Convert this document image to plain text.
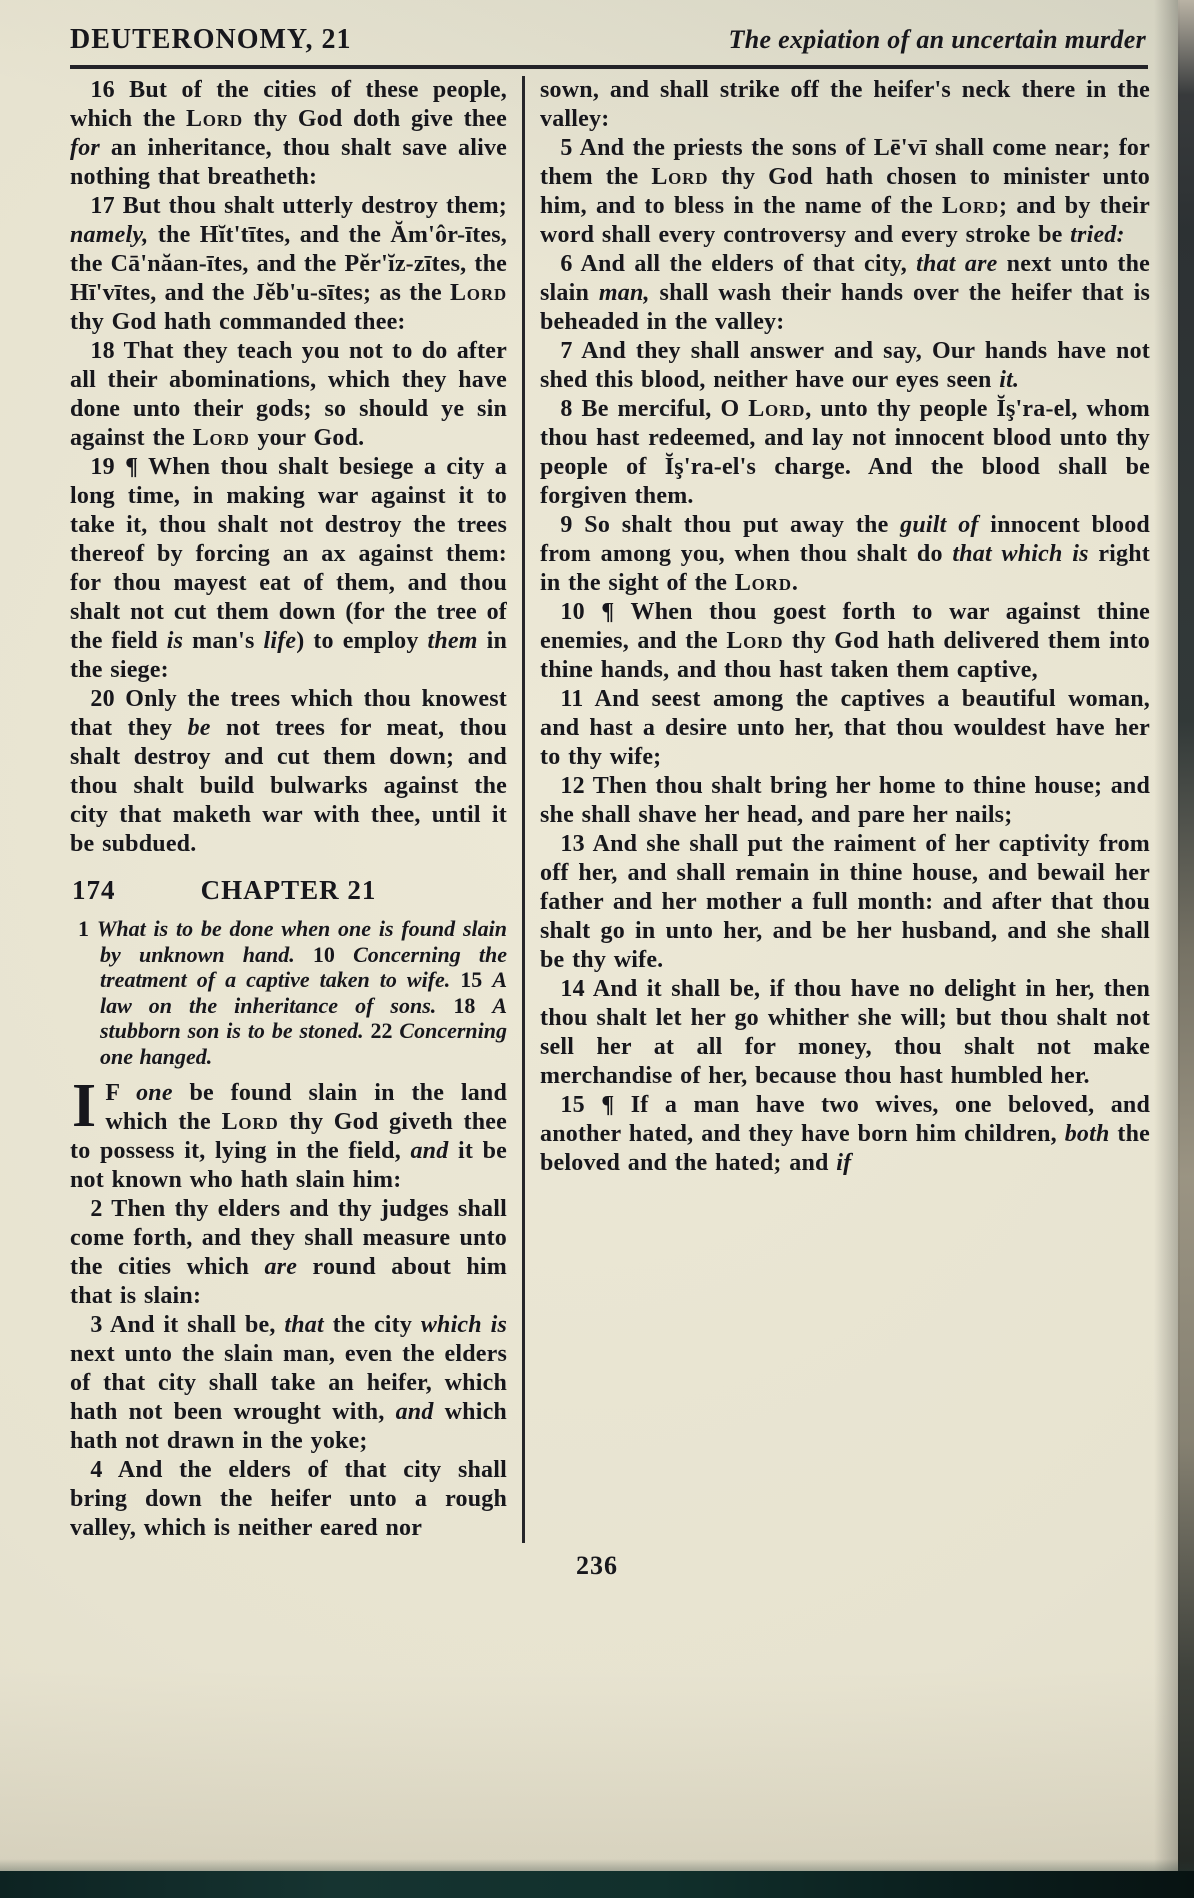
DEUTERONOMY, 21	The expiation of an uncertain murder

16 But of the cities of these people, which the Lord thy God doth give thee for an inheritance, thou shalt save alive nothing that breatheth:

17 But thou shalt utterly destroy them; namely, the Hĭt'tītes, and the Ăm'ôr-ītes, the Cā'năan-ītes, and the Pĕr'ĭz-zītes, the Hī'vītes, and the Jĕb'u-sītes; as the Lord thy God hath commanded thee:

18 That they teach you not to do after all their abominations, which they have done unto their gods; so should ye sin against the Lord your God.

19 ¶ When thou shalt besiege a city a long time, in making war against it to take it, thou shalt not destroy the trees thereof by forcing an ax against them: for thou mayest eat of them, and thou shalt not cut them down (for the tree of the field is man's life) to employ them in the siege:

20 Only the trees which thou knowest that they be not trees for meat, thou shalt destroy and cut them down; and thou shalt build bulwarks against the city that maketh war with thee, until it be subdued.

174	CHAPTER 21

1 What is to be done when one is found slain by unknown hand. 10 Concerning the treatment of a captive taken to wife. 15 A law on the inheritance of sons. 18 A stubborn son is to be stoned. 22 Concerning one hanged.

I F one be found slain in the land which the Lord thy God giveth thee to possess it, lying in the field, and it be not known who hath slain him:

2 Then thy elders and thy judges shall come forth, and they shall measure unto the cities which are round about him that is slain:

3 And it shall be, that the city which is next unto the slain man, even the elders of that city shall take an heifer, which hath not been wrought with, and which hath not drawn in the yoke;

4 And the elders of that city shall bring down the heifer unto a rough valley, which is neither eared nor

sown, and shall strike off the heifer's neck there in the valley:

5 And the priests the sons of Lē'vī shall come near; for them the Lord thy God hath chosen to minister unto him, and to bless in the name of the Lord; and by their word shall every controversy and every stroke be tried:

6 And all the elders of that city, that are next unto the slain man, shall wash their hands over the heifer that is beheaded in the valley:

7 And they shall answer and say, Our hands have not shed this blood, neither have our eyes seen it.

8 Be merciful, O Lord, unto thy people Ĭş'ra-el, whom thou hast redeemed, and lay not innocent blood unto thy people of Ĭş'ra-el's charge. And the blood shall be forgiven them.

9 So shalt thou put away the guilt of innocent blood from among you, when thou shalt do that which is right in the sight of the Lord.

10 ¶ When thou goest forth to war against thine enemies, and the Lord thy God hath delivered them into thine hands, and thou hast taken them captive,

11 And seest among the captives a beautiful woman, and hast a desire unto her, that thou wouldest have her to thy wife;

12 Then thou shalt bring her home to thine house; and she shall shave her head, and pare her nails;

13 And she shall put the raiment of her captivity from off her, and shall remain in thine house, and bewail her father and her mother a full month: and after that thou shalt go in unto her, and be her husband, and she shall be thy wife.

14 And it shall be, if thou have no delight in her, then thou shalt let her go whither she will; but thou shalt not sell her at all for money, thou shalt not make merchandise of her, because thou hast humbled her.

15 ¶ If a man have two wives, one beloved, and another hated, and they have born him children, both the beloved and the hated; and if

236
